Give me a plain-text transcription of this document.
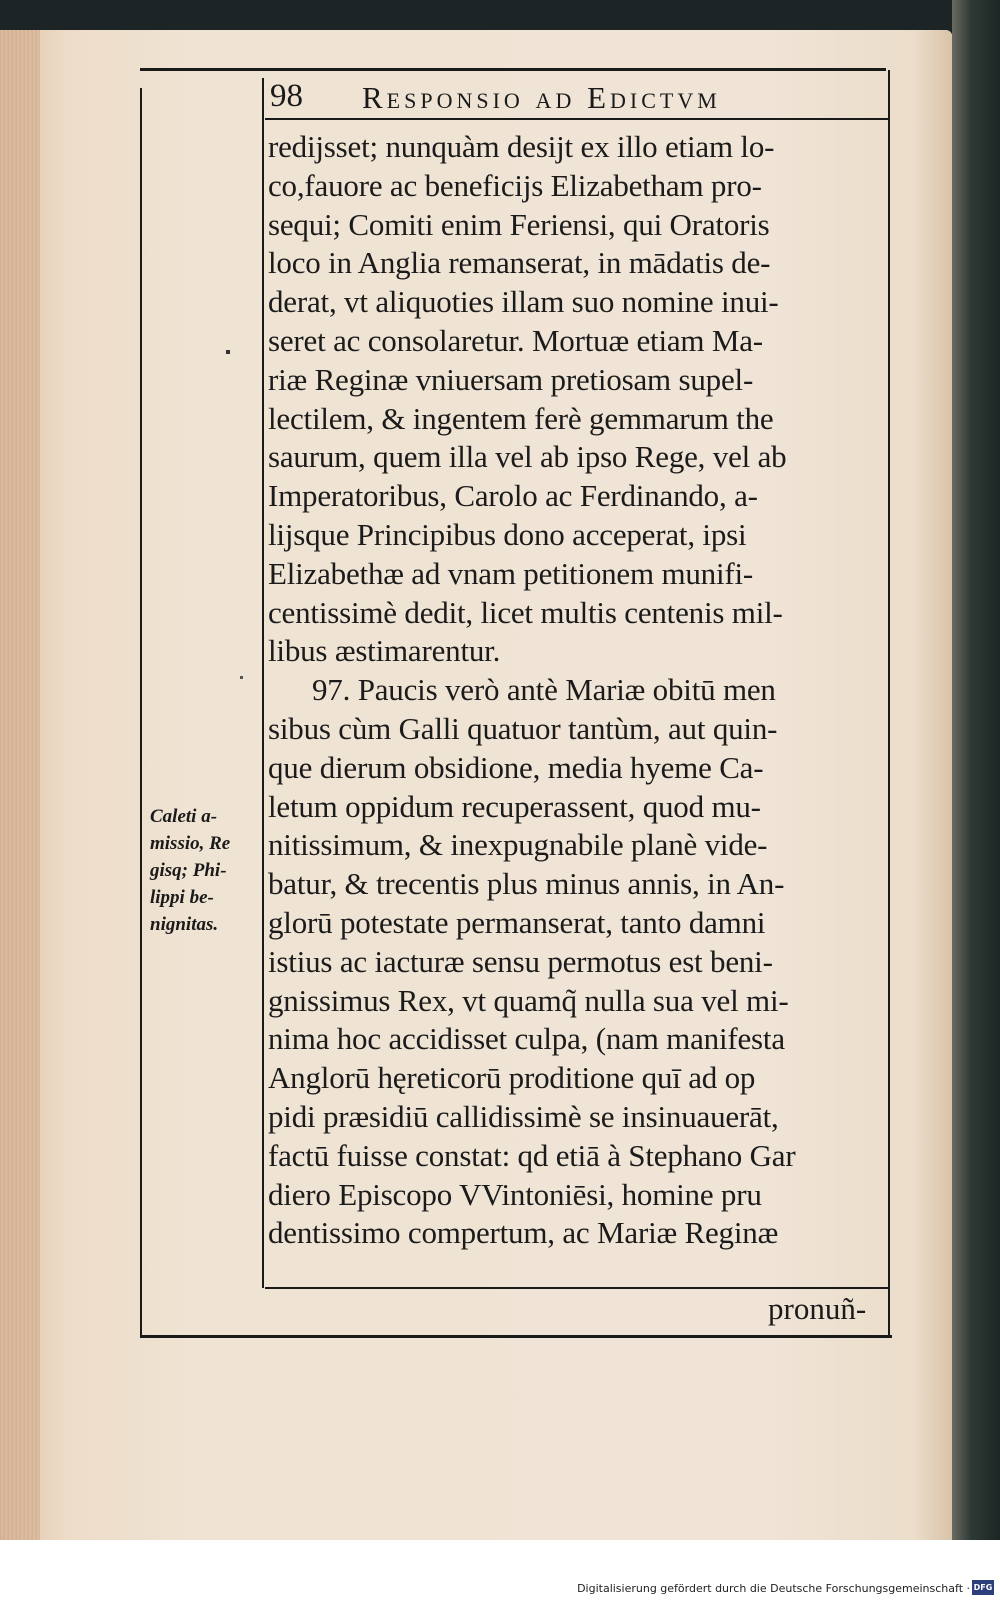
98 Responsio ad Edictvm
redijsset; nunquàm desijt ex illo etiam lo-
co,fauore ac beneficijs Elizabetham pro-
sequi; Comiti enim Feriensi, qui Oratoris
loco in Anglia remanserat, in mādatis de-
derat, vt aliquoties illam suo nomine inui-
seret ac consolaretur. Mortuæ etiam Ma-
riæ Reginæ vniuersam pretiosam supel-
lectilem, & ingentem ferè gemmarum the
saurum, quem illa vel ab ipso Rege, vel ab
Imperatoribus, Carolo ac Ferdinando, a-
lijsque Principibus dono acceperat, ipsi
Elizabethæ ad vnam petitionem munifi-
centissimè dedit, licet multis centenis mil-
libus æstimarentur.
97. Paucis verò antè Mariæ obitū men
sibus cùm Galli quatuor tantùm, aut quin-
que dierum obsidione, media hyeme Ca-
letum oppidum recuperassent, quod mu-
nitissimum, & inexpugnabile planè vide-
batur, & trecentis plus minus annis, in An-
glorū potestate permanserat, tanto damni
istius ac iacturæ sensu permotus est beni-
gnissimus Rex, vt quamq̃ nulla sua vel mi-
nima hoc accidisset culpa, (nam manifesta
Anglorū hęreticorū proditione quī ad op
pidi præsidiū callidissimè se insinuauerāt,
factū fuisse constat: qd etiā à Stephano Gar
diero Episcopo VVintoniēsi, homine pru
dentissimo compertum, ac Mariæ Reginæ
Caleti a-
missio, Re
gisq; Phi-
lippi be-
nignitas.
pronuñ-
Digitalisierung gefördert durch die Deutsche Forschungsgemeinschaft · DFG
